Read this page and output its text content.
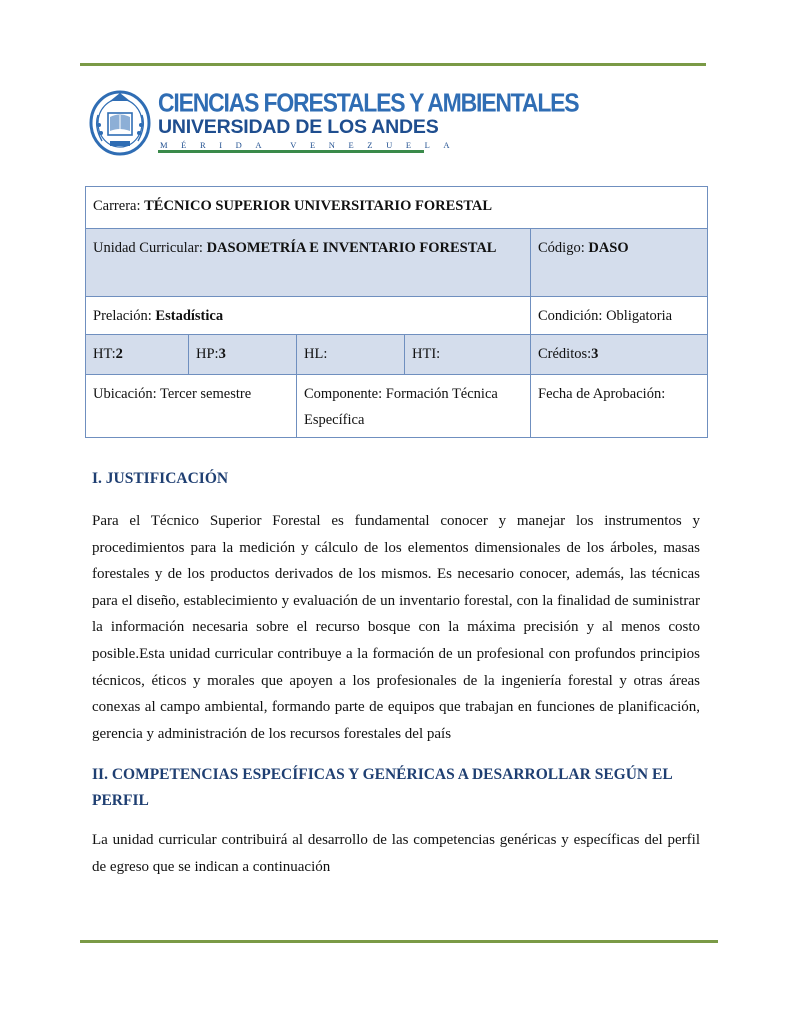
CIENCIAS FORESTALES Y AMBIENTALES
UNIVERSIDAD DE LOS ANDES
MÉRIDA VENEZUELA
Carrera: TÉCNICO SUPERIOR UNIVERSITARIO FORESTAL				
Unidad Curricular: DASOMETRÍA E INVENTARIO FORESTAL				Código: DASO
Prelación: Estadística				Condición: Obligatoria
HT:2	HP:3	HL:	HTI:	Créditos:3
Ubicación: Tercer semestre		Componente: Formación Técnica Específica		Fecha de Aprobación:
I. JUSTIFICACIÓN
Para el Técnico Superior Forestal es fundamental conocer y manejar los instrumentos y procedimientos para la medición y cálculo de los elementos dimensionales de los árboles, masas forestales y de los productos derivados de los mismos. Es necesario conocer, además, las técnicas para el diseño, establecimiento y evaluación de un inventario forestal, con la finalidad de suministrar la información necesaria sobre el recurso bosque con la máxima precisión y al menos costo posible.Esta unidad curricular contribuye a la formación de un profesional con profundos principios técnicos, éticos y morales que apoyen a los profesionales de la ingeniería forestal y otras áreas conexas al campo ambiental, formando parte de equipos que trabajan en funciones de planificación, gerencia y administración de los recursos forestales del país
II. COMPETENCIAS ESPECÍFICAS Y GENÉRICAS A DESARROLLAR SEGÚN EL PERFIL
La unidad curricular contribuirá al desarrollo de las competencias genéricas y específicas del perfil de egreso que se indican a continuación
